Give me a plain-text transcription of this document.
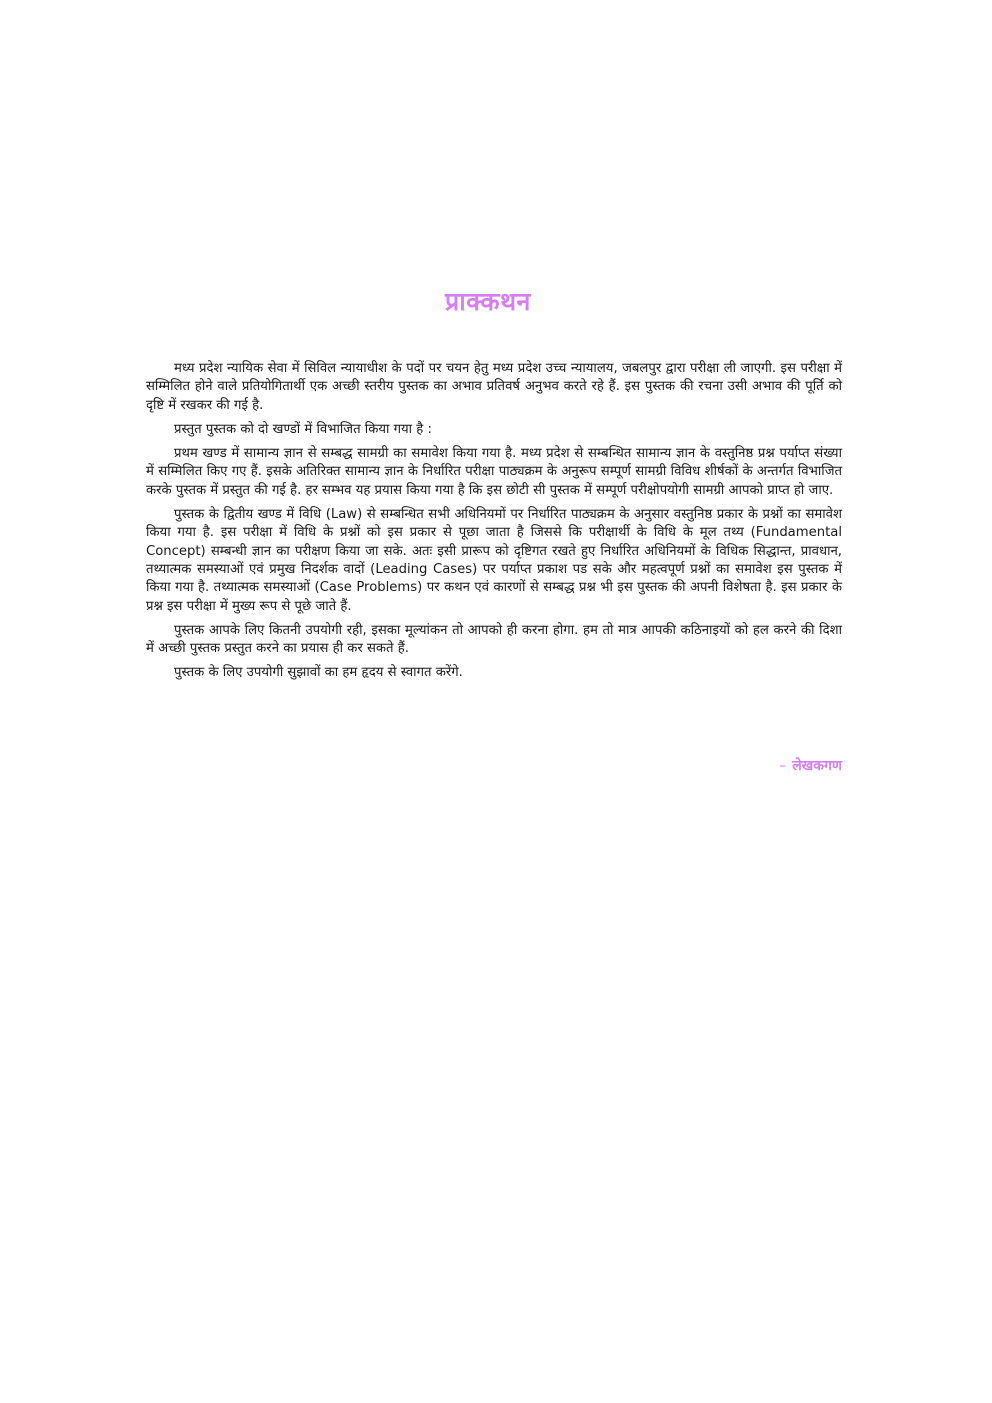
प्राक्कथन

मध्य प्रदेश न्यायिक सेवा में सिविल न्यायाधीश के पदों पर चयन हेतु मध्य प्रदेश उच्च न्यायालय, जबलपुर द्वारा परीक्षा ली जाएगी. इस परीक्षा में सम्मिलित होने वाले प्रतियोगितार्थी एक अच्छी स्तरीय पुस्तक का अभाव प्रतिवर्ष अनुभव करते रहे हैं. इस पुस्तक की रचना उसी अभाव की पूर्ति को दृष्टि में रखकर की गई है.

प्रस्तुत पुस्तक को दो खण्डों में विभाजित किया गया है :

प्रथम खण्ड में सामान्य ज्ञान से सम्बद्ध सामग्री का समावेश किया गया है. मध्य प्रदेश से सम्बन्धित सामान्य ज्ञान के वस्तुनिष्ठ प्रश्न पर्याप्त संख्या में सम्मिलित किए गए हैं. इसके अतिरिक्त सामान्य ज्ञान के निर्धारित परीक्षा पाठ्यक्रम के अनुरूप सम्पूर्ण सामग्री विविध शीर्षकों के अन्तर्गत विभाजित करके पुस्तक में प्रस्तुत की गई है. हर सम्भव यह प्रयास किया गया है कि इस छोटी सी पुस्तक में सम्पूर्ण परीक्षोपयोगी सामग्री आपको प्राप्त हो जाए.

पुस्तक के द्वितीय खण्ड में विधि (Law) से सम्बन्धित सभी अधिनियमों पर निर्धारित पाठ्यक्रम के अनुसार वस्तुनिष्ठ प्रकार के प्रश्नों का समावेश किया गया है. इस परीक्षा में विधि के प्रश्नों को इस प्रकार से पूछा जाता है जिससे कि परीक्षार्थी के विधि के मूल तथ्य (Fundamental Concept) सम्बन्धी ज्ञान का परीक्षण किया जा सके. अतः इसी प्रारूप को दृष्टिगत रखते हुए निर्धारित अधिनियमों के विधिक सिद्धान्त, प्रावधान, तथ्यात्मक समस्याओं एवं प्रमुख निदर्शक वादों (Leading Cases) पर पर्याप्त प्रकाश पड सके और महत्वपूर्ण प्रश्नों का समावेश इस पुस्तक में किया गया है. तथ्यात्मक समस्याओं (Case Problems) पर कथन एवं कारणों से सम्बद्ध प्रश्न भी इस पुस्तक की अपनी विशेषता है. इस प्रकार के प्रश्न इस परीक्षा में मुख्य रूप से पूछे जाते हैं.

पुस्तक आपके लिए कितनी उपयोगी रही, इसका मूल्यांकन तो आपको ही करना होगा. हम तो मात्र आपकी कठिनाइयों को हल करने की दिशा में अच्छी पुस्तक प्रस्तुत करने का प्रयास ही कर सकते हैं.

पुस्तक के लिए उपयोगी सुझावों का हम हृदय से स्वागत करेंगे.

– लेखकगण
